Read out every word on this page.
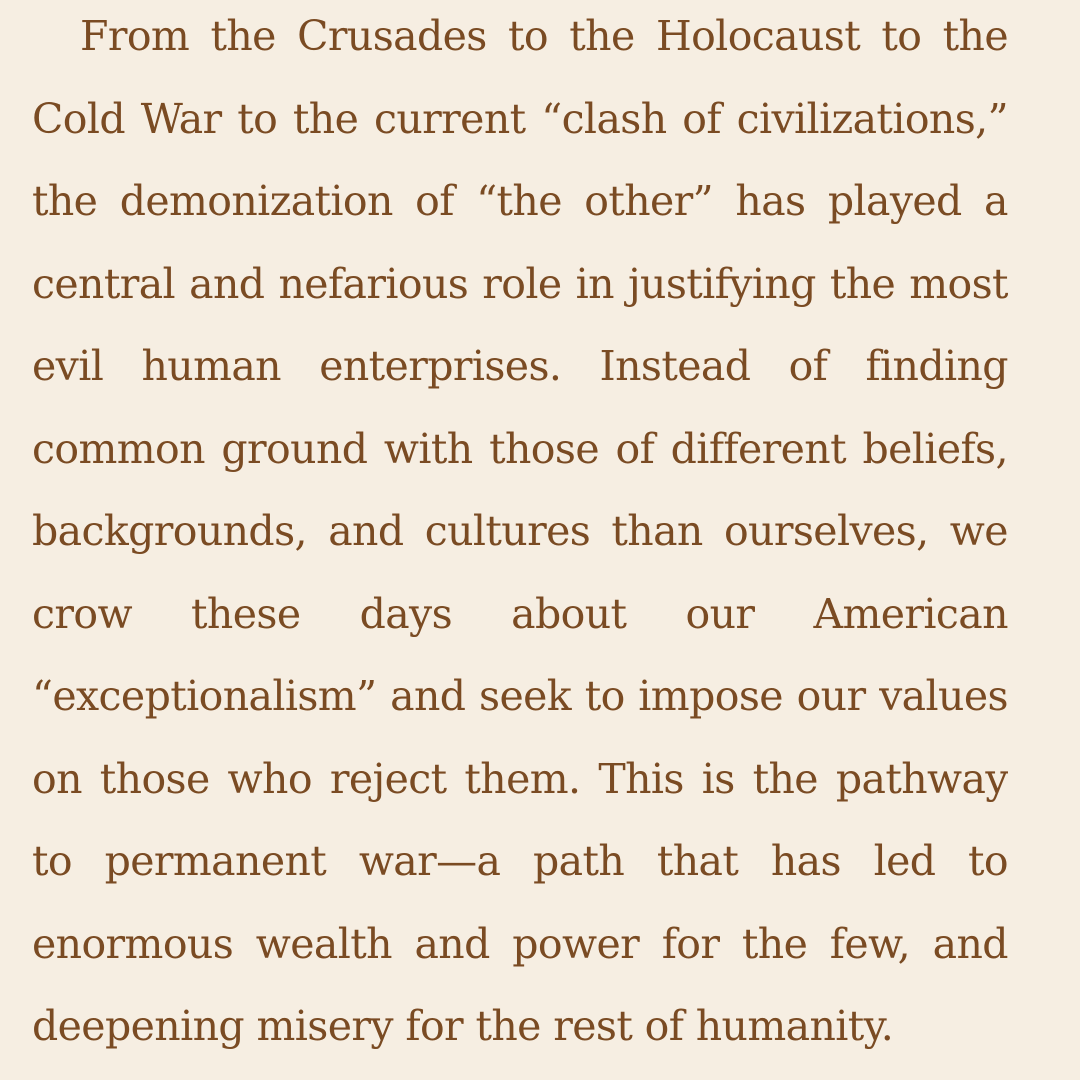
From the Crusades to the Holocaust to the
Cold War to the current “clash of civilizations,”
the demonization of “the other” has played a
central and nefarious role in justifying the most
evil human enterprises. Instead of finding
common ground with those of different beliefs,
backgrounds, and cultures than ourselves, we
crow these days about our American
“exceptionalism” and seek to impose our values
on those who reject them. This is the pathway
to permanent war—a path that has led to
enormous wealth and power for the few, and
deepening misery for the rest of humanity.
